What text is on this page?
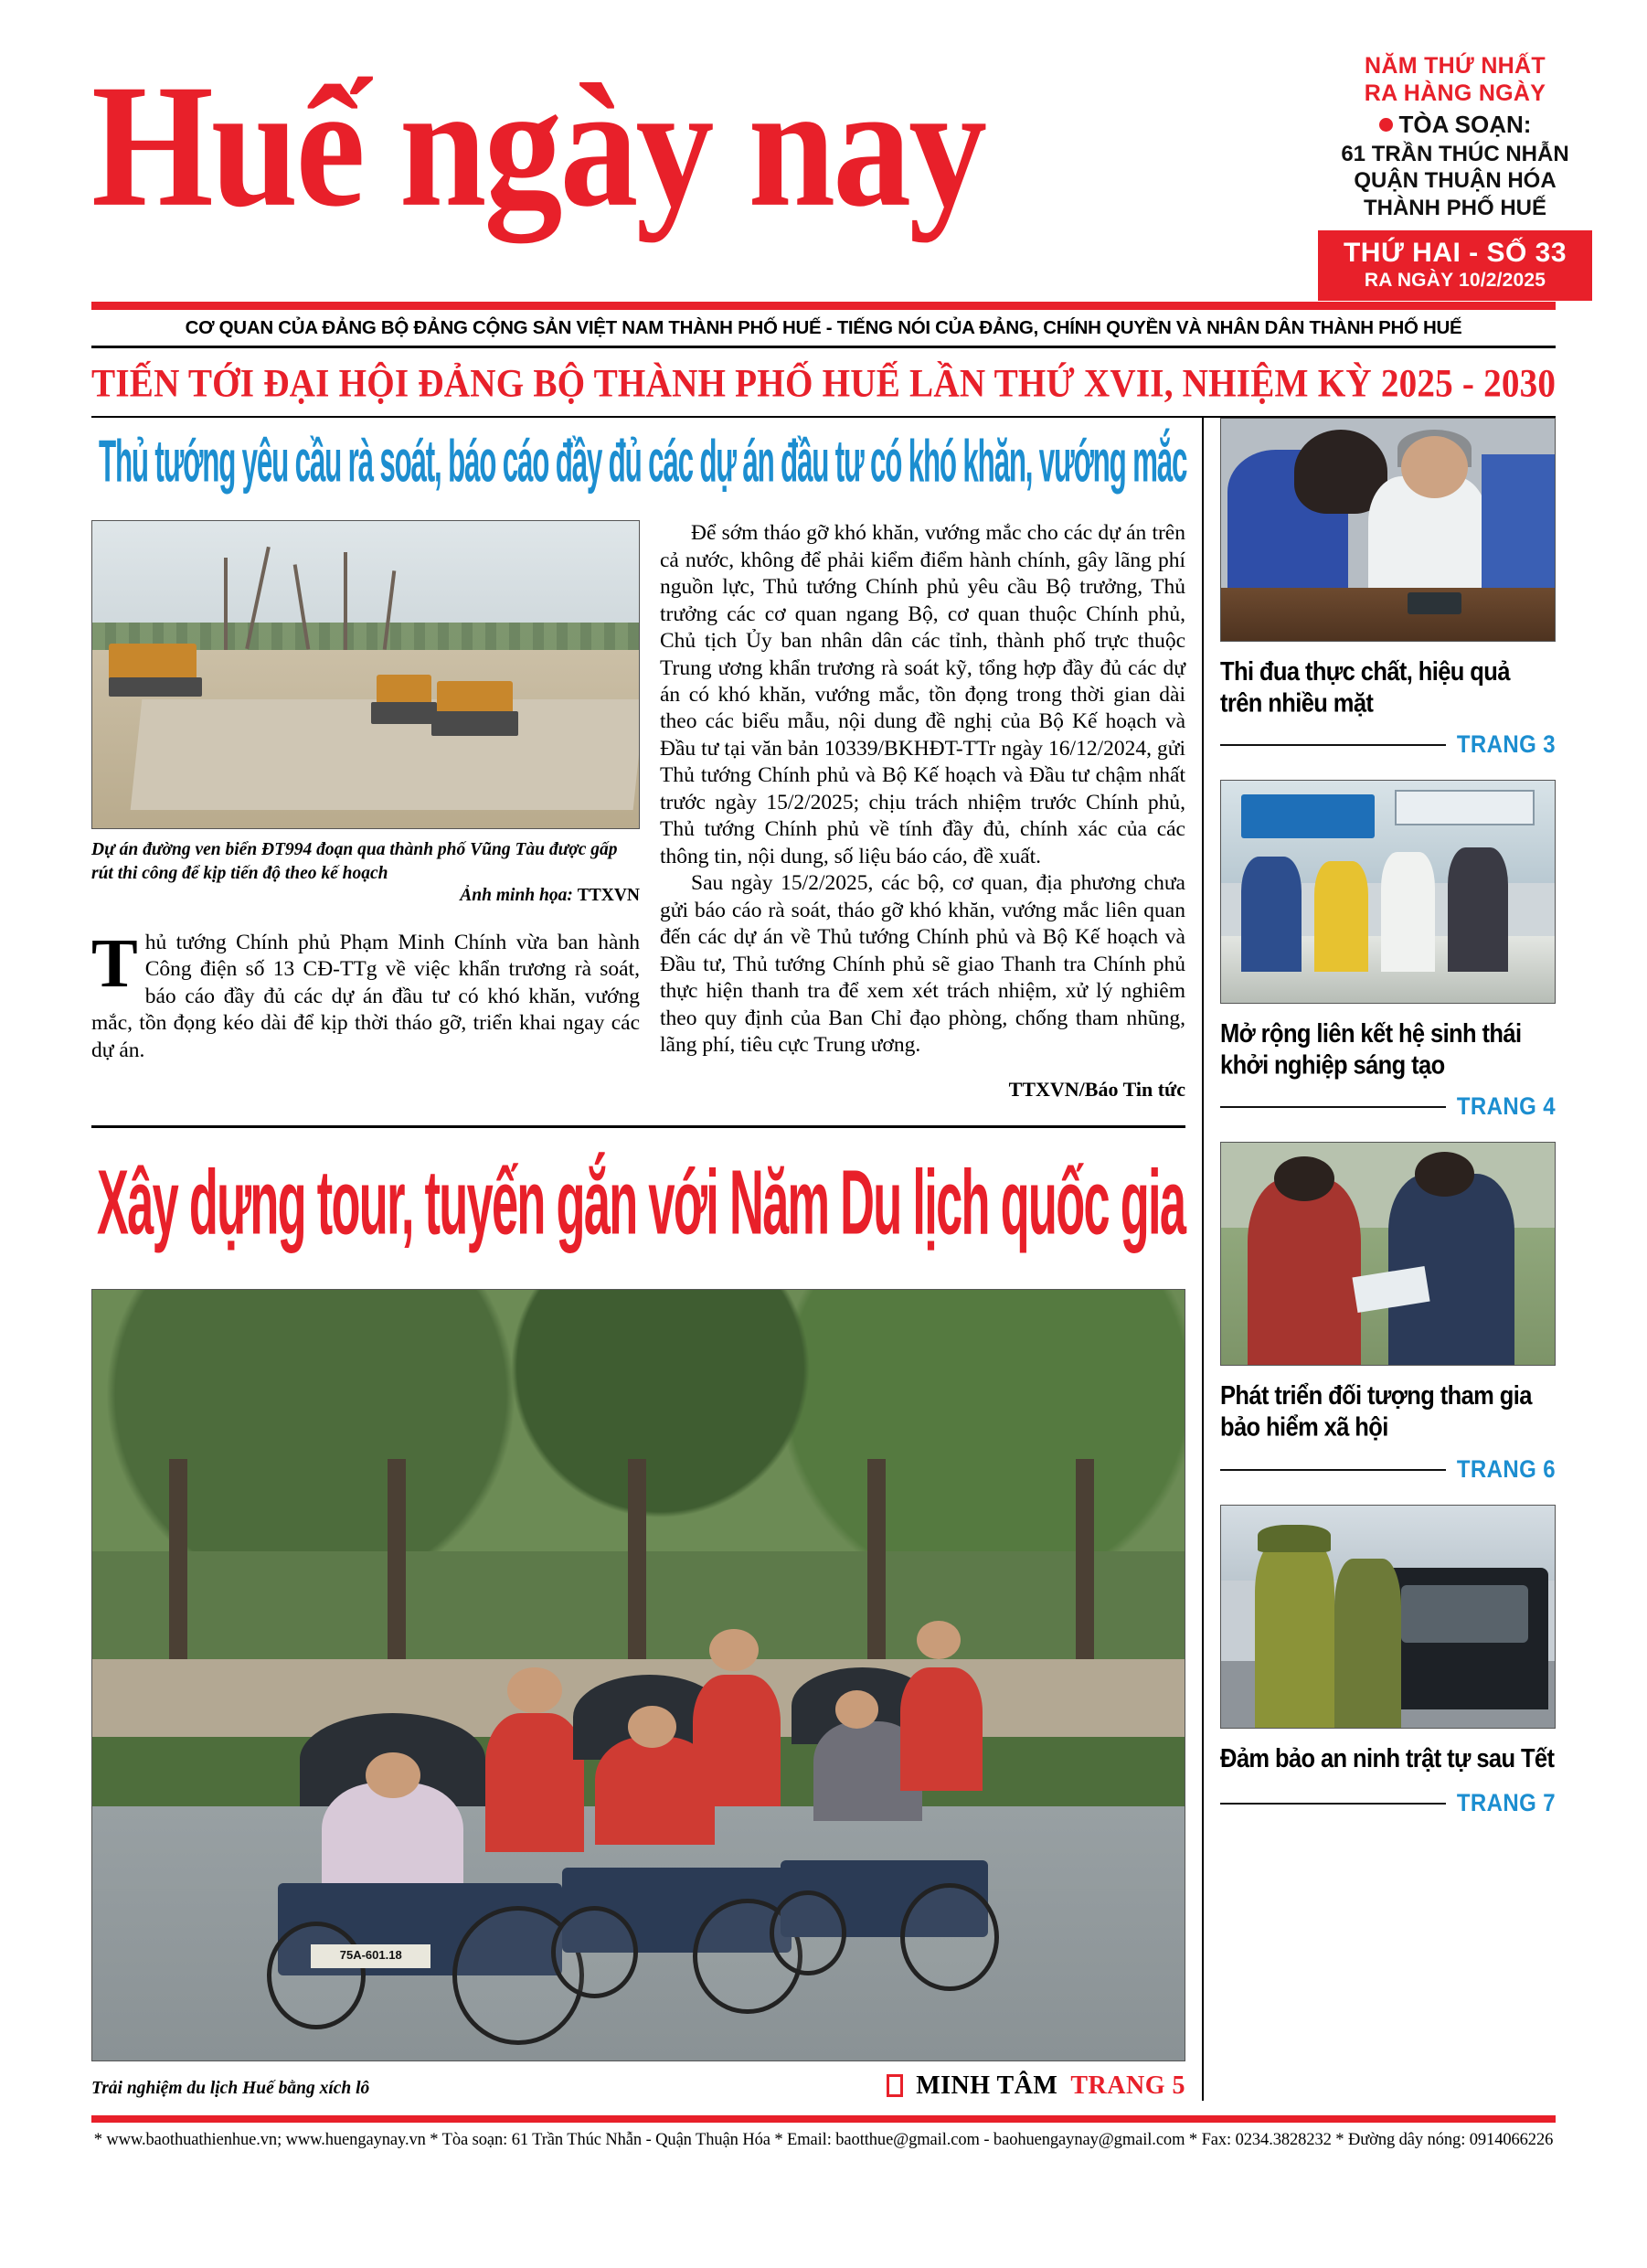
Huế ngày nay	NĂM THỨ NHẤT
RA HÀNG NGÀY
TÒA SOẠN:
61 TRẦN THÚC NHẪN
QUẬN THUẬN HÓA
THÀNH PHỐ HUẾ
THỨ HAI - SỐ 33
RA NGÀY 10/2/2025
CƠ QUAN CỦA ĐẢNG BỘ ĐẢNG CỘNG SẢN VIỆT NAM THÀNH PHỐ HUẾ - TIẾNG NÓI CỦA ĐẢNG, CHÍNH QUYỀN VÀ NHÂN DÂN THÀNH PHỐ HUẾ
TIẾN TỚI ĐẠI HỘI ĐẢNG BỘ THÀNH PHỐ HUẾ LẦN THỨ XVII, NHIỆM KỲ 2025 - 2030
Thủ tướng yêu cầu rà soát, báo cáo đầy đủ các dự án đầu tư có khó khăn, vướng mắc
Dự án đường ven biển ĐT994 đoạn qua thành phố Vũng Tàu được gấp rút thi công để kịp tiến độ theo kế hoạch
Ảnh minh họa: TTXVN
Thủ tướng Chính phủ Phạm Minh Chính vừa ban hành Công điện số 13 CĐ-TTg về việc khẩn trương rà soát, báo cáo đầy đủ các dự án đầu tư có khó khăn, vướng mắc, tồn đọng kéo dài để kịp thời tháo gỡ, triển khai ngay các dự án.
Để sớm tháo gỡ khó khăn, vướng mắc cho các dự án trên cả nước, không để phải kiểm điểm hành chính, gây lãng phí nguồn lực, Thủ tướng Chính phủ yêu cầu Bộ trưởng, Thủ trưởng các cơ quan ngang Bộ, cơ quan thuộc Chính phủ, Chủ tịch Ủy ban nhân dân các tỉnh, thành phố trực thuộc Trung ương khẩn trương rà soát kỹ, tổng hợp đầy đủ các dự án có khó khăn, vướng mắc, tồn đọng trong thời gian dài theo các biểu mẫu, nội dung đề nghị của Bộ Kế hoạch và Đầu tư tại văn bản 10339/BKHĐT-TTr ngày 16/12/2024, gửi Thủ tướng Chính phủ và Bộ Kế hoạch và Đầu tư chậm nhất trước ngày 15/2/2025; chịu trách nhiệm trước Chính phủ, Thủ tướng Chính phủ về tính đầy đủ, chính xác của các thông tin, nội dung, số liệu báo cáo, đề xuất.
Sau ngày 15/2/2025, các bộ, cơ quan, địa phương chưa gửi báo cáo rà soát, tháo gỡ khó khăn, vướng mắc liên quan đến các dự án về Thủ tướng Chính phủ và Bộ Kế hoạch và Đầu tư, Thủ tướng Chính phủ sẽ giao Thanh tra Chính phủ thực hiện thanh tra để xem xét trách nhiệm, xử lý nghiêm theo quy định của Ban Chỉ đạo phòng, chống tham nhũng, lãng phí, tiêu cực Trung ương.
TTXVN/Báo Tin tức
Xây dựng tour, tuyến gắn với Năm Du lịch quốc gia
75A-601.18
Trải nghiệm du lịch Huế bằng xích lô	MINH TÂM TRANG 5
Thi đua thực chất, hiệu quả trên nhiều mặt
TRANG 3
Mở rộng liên kết hệ sinh thái khởi nghiệp sáng tạo
TRANG 4
Phát triển đối tượng tham gia bảo hiểm xã hội
TRANG 6
Đảm bảo an ninh trật tự sau Tết
TRANG 7
* www.baothuathienhue.vn; www.huengaynay.vn * Tòa soạn: 61 Trần Thúc Nhẫn - Quận Thuận Hóa * Email: baotthue@gmail.com - baohuengaynay@gmail.com * Fax: 0234.3828232 * Đường dây nóng: 0914066226
